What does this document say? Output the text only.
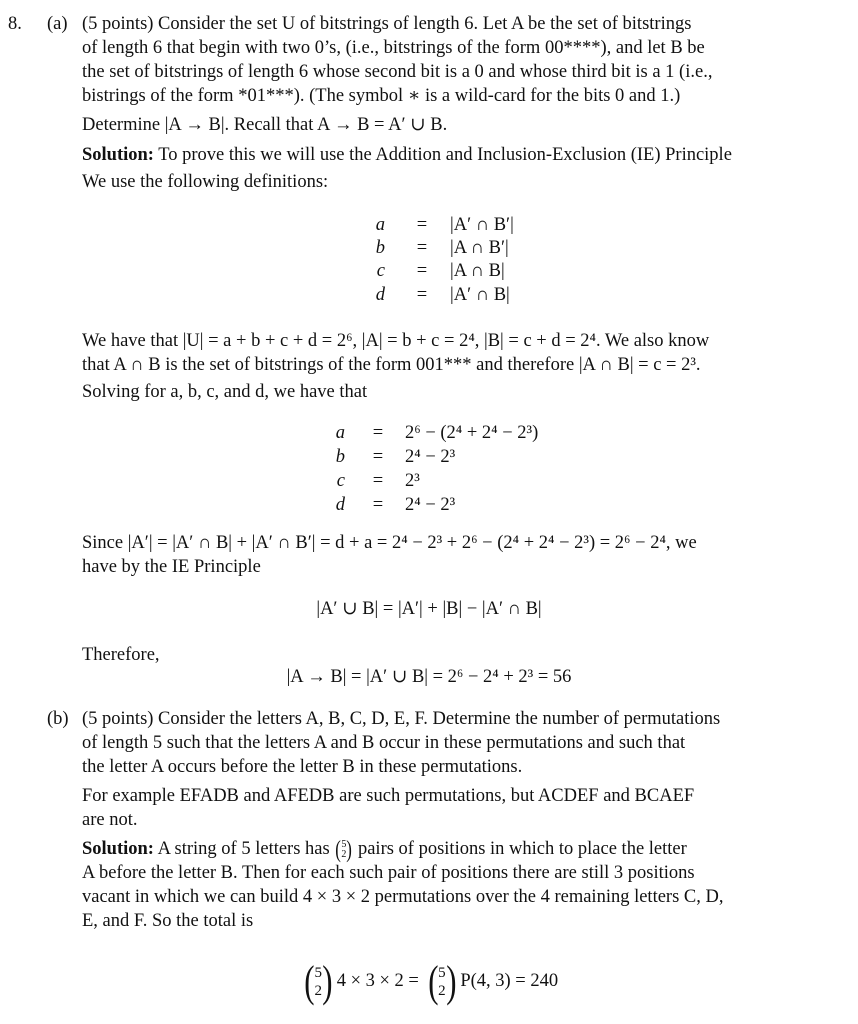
8. (a) (5 points) Consider the set U of bitstrings of length 6. Let A be the set of bitstrings
of length 6 that begin with two 0’s, (i.e., bitstrings of the form 00****), and let B be
the set of bitstrings of length 6 whose second bit is a 0 and whose third bit is a 1 (i.e.,
bistrings of the form *01***). (The symbol ∗ is a wild-card for the bits 0 and 1.)
Determine |A → B|. Recall that A → B = A′ ∪ B.
Solution: To prove this we will use the Addition and Inclusion-Exclusion (IE) Principle
We use the following definitions:
a = |A′ ∩ B′|
b = |A ∩ B′|
c = |A ∩ B|
d = |A′ ∩ B|
We have that |U| = a + b + c + d = 2⁶, |A| = b + c = 2⁴, |B| = c + d = 2⁴. We also know
that A ∩ B is the set of bitstrings of the form 001*** and therefore |A ∩ B| = c = 2³.
Solving for a, b, c, and d, we have that
a = 2⁶ − (2⁴ + 2⁴ − 2³)
b = 2⁴ − 2³
c = 2³
d = 2⁴ − 2³
Since |A′| = |A′ ∩ B| + |A′ ∩ B′| = d + a = 2⁴ − 2³ + 2⁶ − (2⁴ + 2⁴ − 2³) = 2⁶ − 2⁴, we
have by the IE Principle
|A′ ∪ B| = |A′| + |B| − |A′ ∩ B|
Therefore,
|A → B| = |A′ ∪ B| = 2⁶ − 2⁴ + 2³ = 56
(b) (5 points) Consider the letters A, B, C, D, E, F. Determine the number of permutations
of length 5 such that the letters A and B occur in these permutations and such that
the letter A occurs before the letter B in these permutations.
For example EFADB and AFEDB are such permutations, but ACDEF and BCAEF
are not.
Solution: A string of 5 letters has ( 5
2 ) pairs of positions in which to place the letter
A before the letter B. Then for each such pair of positions there are still 3 positions
vacant in which we can build 4 × 3 × 2 permutations over the 4 remaining letters C, D,
E, and F. So the total is
( 5
2 ) 4 × 3 × 2 = ( 5
2 ) P(4, 3) = 240
